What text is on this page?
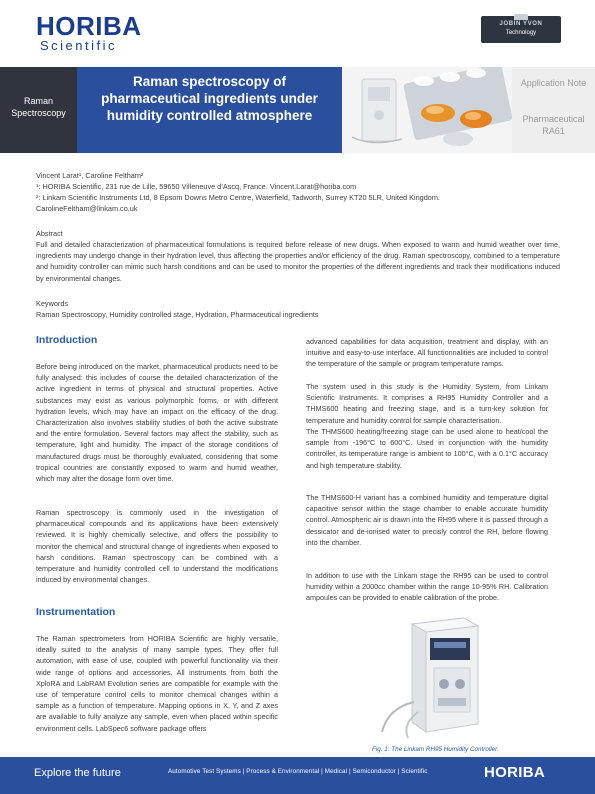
HORIBA
Scientific
JOBIN YVON
Technology
Raman Spectroscopy
Raman spectroscopy of pharmaceutical ingredients under humidity controlled atmosphere
Application Note
Pharmaceutical RA61
Vincent Larat¹, Caroline Feltham²
¹: HORIBA Scientific, 231 rue de Lille, 59650 Villeneuve d’Ascq, France. Vincent.Larat@horiba.com
²: Linkam Scientific Instruments Ltd, 8 Epsom Downs Metro Centre, Waterfield, Tadworth, Surrey KT20 5LR, United Kingdom.
CarolineFeltham@linkam.co.uk
Abstract
Full and detailed characterization of pharmaceutical formulations is required before release of new drugs. When exposed to warm and humid weather over time, ingredients may undergo change in their hydration level, thus affecting the properties and/or efficiency of the drug. Raman spectroscopy, combined to a temperature and humidity controller can mimic such harsh conditions and can be used to monitor the properties of the different ingredients and track their modifications induced by environmental changes.
Keywords
Raman Spectroscopy, Humidity controlled stage, Hydration, Pharmaceutical ingredients
Introduction
Before being introduced on the market, pharmaceutical products need to be fully analysed: this includes of course the detailed characterization of the active ingredient in terms of physical and structural properties. Active substances may exist as various polymorphic forms, or with different hydration levels, which may have an impact on the efficacy of the drug. Characterization also involves stability studies of both the active substrate and the entire formulation. Several factors may affect the stability, such as temperature, light and humidity. The impact of the storage conditions of manufactured drugs must be thoroughly evaluated, considering that some tropical countries are constantly exposed to warm and humid weather, which may alter the dosage form over time.
Raman spectroscopy is commonly used in the investigation of pharmaceutical compounds and its applications have been extensively reviewed. It is highly chemically selective, and offers the possibility to monitor the chemical and structural change of ingredients when exposed to harsh conditions. Raman spectroscopy can be combined with a temperature and humidity controlled cell to understand the modifications induced by environmental changes.
Instrumentation
The Raman spectrometers from HORIBA Scientific are highly versatile, ideally suited to the analysis of many sample types. They offer full automation, with ease of use, coupled with powerful functionality via their wide range of options and accessories. All instruments from both the XploRA and LabRAM Evolution series are compatible for example with the use of temperature control cells to monitor chemical changes within a sample as a function of temperature. Mapping options in X, Y, and Z axes are available to fully analyze any sample, even when placed within specific environment cells. LabSpec6 software package offers
advanced capabilities for data acquisition, treatment and display, with an intuitive and easy-to-use interface. All functionnalities are included to control the temperature of the sample or program temperature ramps.
The system used in this study is the Humidity System, from Linkam Scientific Instruments. It comprises a RH95 Humidity Controller and a THMS600 heating and freezing stage, and is a turn-key solution for temperature and humidity control for sample characterisation.
The THMS600 heating/freezing stage can be used alone to heat/cool the sample from -196°C to 600°C. Used in conjunction with the humidity controller, its temperature range is ambient to 100°C, with a 0.1°C accuracy and high temperature stability.
The THMS600-H variant has a combined humidity and temperature digital capacitive sensor within the stage chamber to enable accurate humidity control. Atmospheric air is drawn into the RH95 where it is passed through a dessicator and de-ionised water to precisly control the RH, before flowing into the chamber.
In addition to use with the Linkam stage the RH95 can be used to control humidity within a 2000cc chamber within the range 10-95% RH. Calibration ampoules can be provided to enable calibration of the probe.
Fig. 1: The Linkam RH95 Humidity Controller.
Explore the future	Automotive Test Systems | Process & Environmental | Medical | Semiconductor | Scientific	HORIBA
